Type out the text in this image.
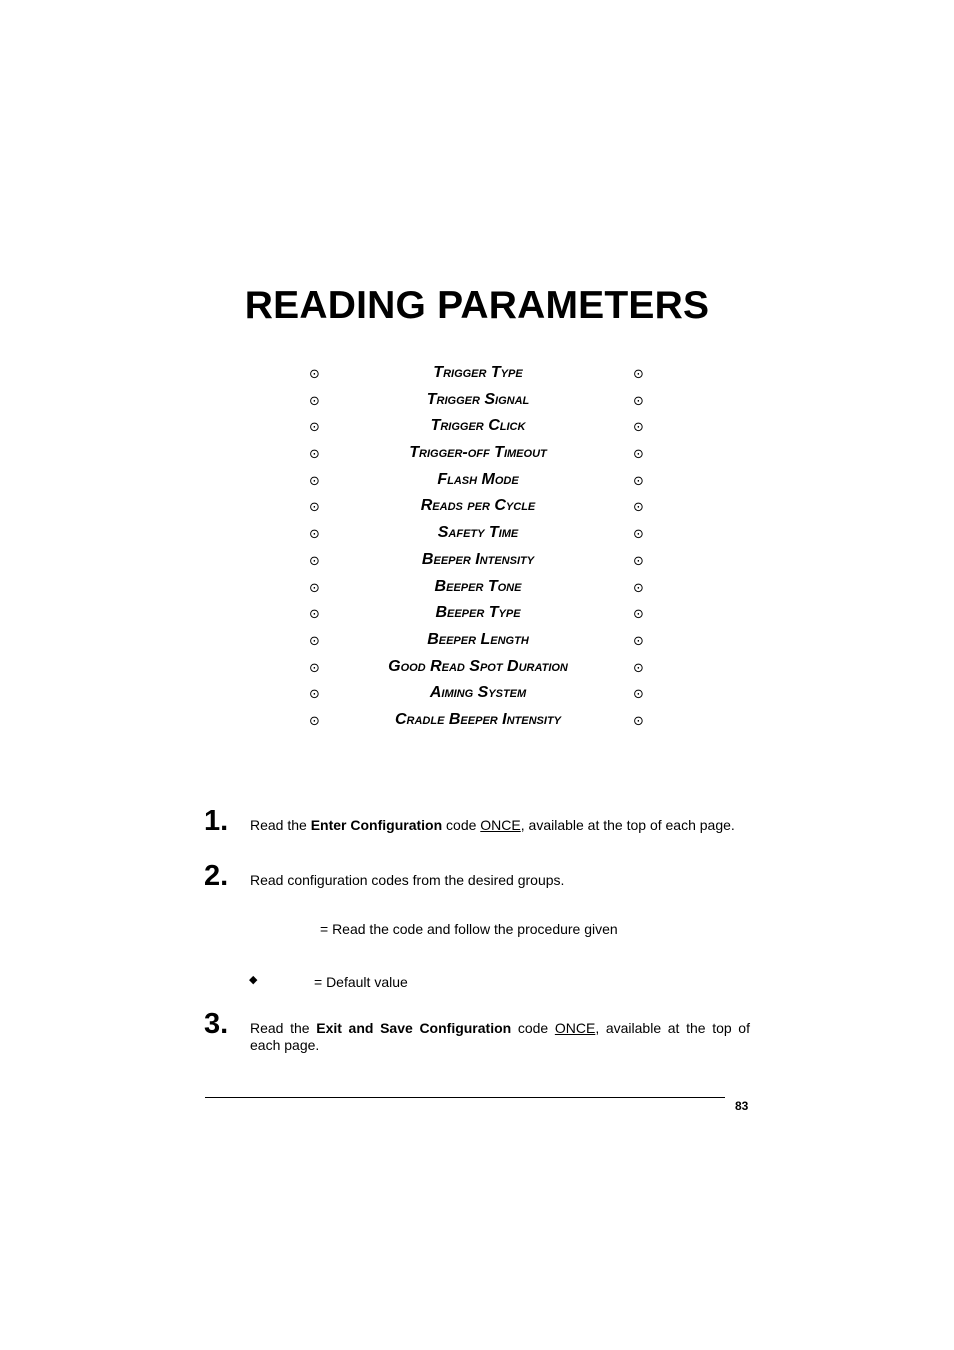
READING PARAMETERS
⊙	Trigger Type	⊙
⊙	Trigger Signal	⊙
⊙	Trigger Click	⊙
⊙	Trigger-off Timeout	⊙
⊙	Flash Mode	⊙
⊙	Reads per Cycle	⊙
⊙	Safety Time	⊙
⊙	Beeper Intensity	⊙
⊙	Beeper Tone	⊙
⊙	Beeper Type	⊙
⊙	Beeper Length	⊙
⊙	Good Read Spot Duration	⊙
⊙	Aiming System	⊙
⊙	Cradle Beeper Intensity	⊙
1. Read the Enter Configuration code ONCE, available at the top of each page.
2. Read configuration codes from the desired groups.
= Read the code and follow the procedure given
◆	= Default value
3. Read the Exit and Save Configuration code ONCE, available at the top of each page.
83
